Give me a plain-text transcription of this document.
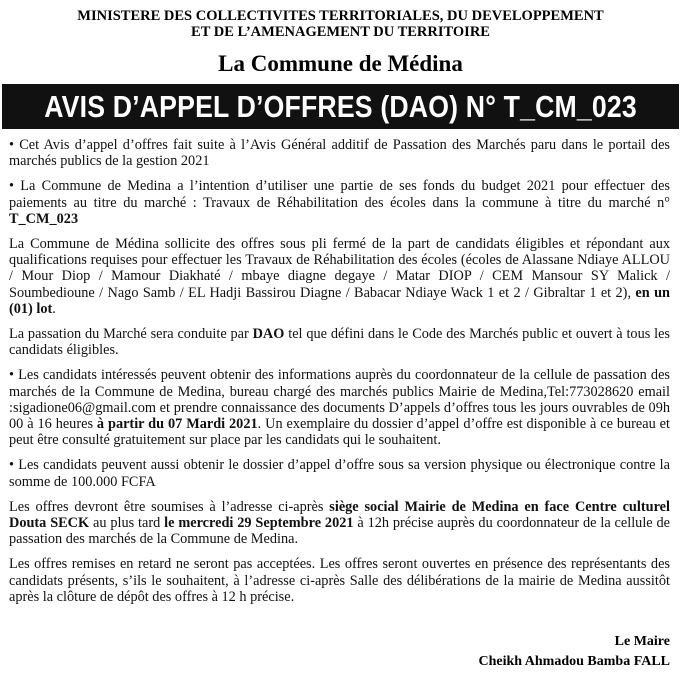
MINISTERE DES COLLECTIVITES TERRITORIALES, DU DEVELOPPEMENT
ET DE L’AMENAGEMENT DU TERRITOIRE
La Commune de Médina
AVIS D’APPEL D’OFFRES (DAO) N° T_CM_023

• Cet Avis d’appel d’offres fait suite à l’Avis Général additif de Passation des Marchés paru dans le portail des marchés publics de la gestion 2021

• La Commune de Medina a l’intention d’utiliser une partie de ses fonds du budget 2021 pour effectuer des paiements au titre du marché : Travaux de Réhabilitation des écoles dans la commune à titre du marché n° T_CM_023

La Commune de Médina sollicite des offres sous pli fermé de la part de candidats éligibles et répondant aux qualifications requises pour effectuer les Travaux de Réhabilitation des écoles (écoles de Alassane Ndiaye ALLOU / Mour Diop / Mamour Diakhaté / mbaye diagne degaye / Matar DIOP / CEM Mansour SY Malick / Soumbedioune / Nago Samb / EL Hadji Bassirou Diagne / Babacar Ndiaye Wack 1 et 2 / Gibraltar 1 et 2), en un (01) lot.

La passation du Marché sera conduite par DAO tel que défini dans le Code des Marchés public et ouvert à tous les candidats éligibles.

• Les candidats intéressés peuvent obtenir des informations auprès du coordonnateur de la cellule de passation des marchés de la Commune de Medina, bureau chargé des marchés publics Mairie de Medina,Tel:773028620 email :sigadione06@gmail.com et prendre connaissance des documents D’appels d’offres tous les jours ouvrables de 09h 00 à 16 heures à partir du 07 Mardi 2021. Un exemplaire du dossier d’appel d’offre est disponible à ce bureau et peut être consulté gratuitement sur place par les candidats qui le souhaitent.

• Les candidats peuvent aussi obtenir le dossier d’appel d’offre sous sa version physique ou électronique contre la somme de 100.000 FCFA

Les offres devront être soumises à l’adresse ci-après siège social Mairie de Medina en face Centre culturel Douta SECK au plus tard le mercredi 29 Septembre 2021 à 12h précise auprès du coordonnateur de la cellule de passation des marchés de la Commune de Medina.

Les offres remises en retard ne seront pas acceptées. Les offres seront ouvertes en présence des représentants des candidats présents, s’ils le souhaitent, à l’adresse ci-après Salle des délibérations de la mairie de Medina aussitôt après la clôture de dépôt des offres à 12 h précise.

Le Maire
Cheikh Ahmadou Bamba FALL
